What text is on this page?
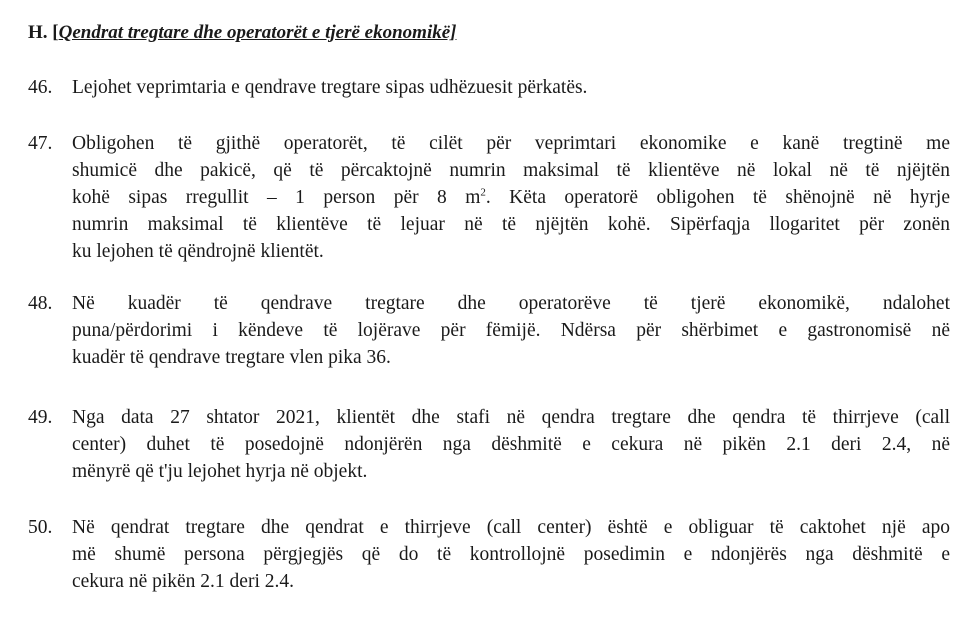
H. [Qendrat tregtare dhe operatorët e tjerë ekonomikë]
46. Lejohet veprimtaria e qendrave tregtare sipas udhëzuesit përkatës.
47. Obligohen të gjithë operatorët, të cilët për veprimtari ekonomike e kanë tregtinë me
shumicë dhe pakicë, që të përcaktojnë numrin maksimal të klientëve në lokal në të njëjtën
kohë sipas rregullit – 1 person për 8 $m^2$. Këta operatorë obligohen të shënojnë në hyrje
numrin maksimal të klientëve të lejuar në të njëjtën kohë. Sipërfaqja llogaritet për zonën
ku lejohen të qëndrojnë klientët.
48. Në kuadër të qendrave tregtare dhe operatorëve të tjerë ekonomikë, ndalohet
puna/përdorimi i këndeve të lojërave për fëmijë. Ndërsa për shërbimet e gastronomisë në
kuadër të qendrave tregtare vlen pika 36.
49. Nga data 27 shtator 2021, klientët dhe stafi në qendra tregtare dhe qendra të thirrjeve (call
center) duhet të posedojnë ndonjërën nga dëshmitë e cekura në pikën 2.1 deri 2.4, në
mënyrë që t'ju lejohet hyrja në objekt.
50. Në qendrat tregtare dhe qendrat e thirrjeve (call center) është e obliguar të caktohet një apo
më shumë persona përgjegjës që do të kontrollojnë posedimin e ndonjërës nga dëshmitë e
cekura në pikën 2.1 deri 2.4.
